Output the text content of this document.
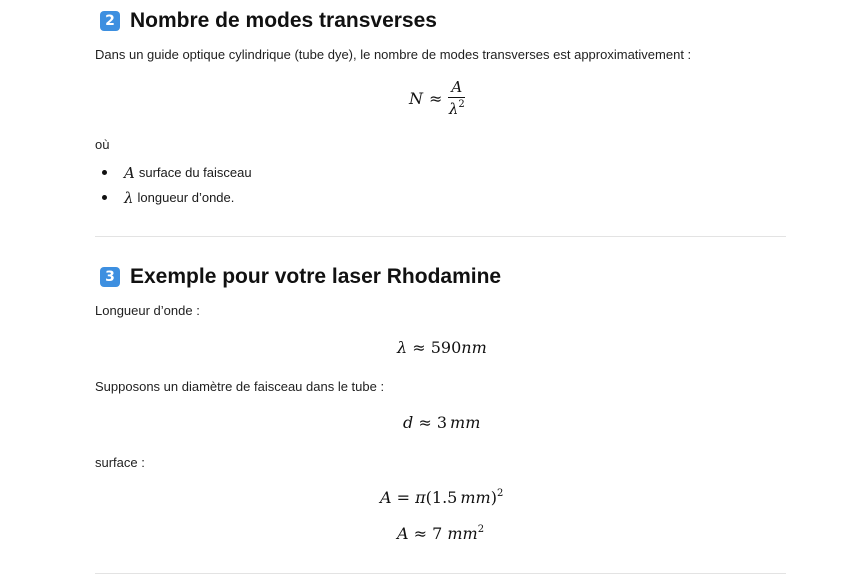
2 Nombre de modes transverses
Dans un guide optique cylindrique (tube dye), le nombre de modes transverses est approximativement :
$N \approx \frac{A}{\lambda^2}$
où
A surface du faisceau
λ longueur d’onde.
3 Exemple pour votre laser Rhodamine
Longueur d’onde :
λ ≈ 590nm
Supposons un diamètre de faisceau dans le tube :
d ≈ 3 mm
surface :
A = π(1.5 mm)$^2$
A ≈ 7 $mm^2$
